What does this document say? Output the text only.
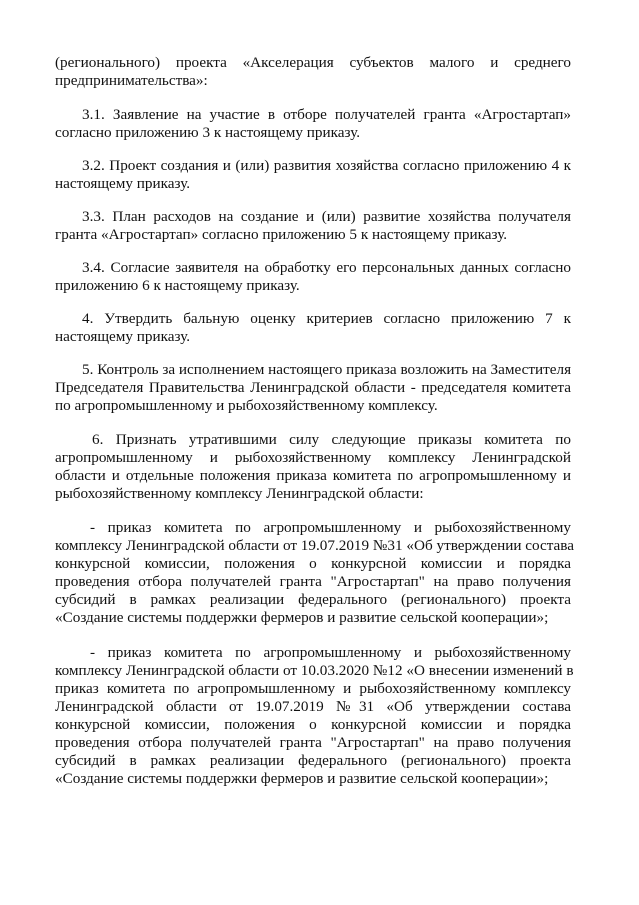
(регионального) проекта «Акселерация субъектов малого и среднего
предпринимательства»:
3.1. Заявление на участие в отборе получателей гранта «Агростартап»
согласно приложению 3 к настоящему приказу.
3.2. Проект создания и (или) развития хозяйства согласно приложению 4 к
настоящему приказу.
3.3. План расходов на создание и (или) развитие хозяйства получателя
гранта «Агростартап» согласно приложению 5 к настоящему приказу.
3.4. Согласие заявителя на обработку его персональных данных согласно
приложению 6 к настоящему приказу.
4. Утвердить бальную оценку критериев согласно приложению 7 к
настоящему приказу.
5. Контроль за исполнением настоящего приказа возложить на Заместителя
Председателя Правительства Ленинградской области - председателя комитета
по агропромышленному и рыбохозяйственному комплексу.
6. Признать утратившими силу следующие приказы комитета по
агропромышленному и рыбохозяйственному комплексу Ленинградской
области и отдельные положения приказа комитета по агропромышленному и
рыбохозяйственному комплексу Ленинградской области:
- приказ комитета по агропромышленному и рыбохозяйственному
комплексу Ленинградской области от 19.07.2019 №31 «Об утверждении состава
конкурсной комиссии, положения о конкурсной комиссии и порядка
проведения отбора получателей гранта "Агростартап" на право получения
субсидий в рамках реализации федерального (регионального) проекта
«Создание системы поддержки фермеров и развитие сельской кооперации»;
- приказ комитета по агропромышленному и рыбохозяйственному
комплексу Ленинградской области от 10.03.2020 №12 «О внесении изменений в
приказ комитета по агропромышленному и рыбохозяйственному комплексу
Ленинградской области от 19.07.2019 №31 «Об утверждении состава
конкурсной комиссии, положения о конкурсной комиссии и порядка
проведения отбора получателей гранта "Агростартап" на право получения
субсидий в рамках реализации федерального (регионального) проекта
«Создание системы поддержки фермеров и развитие сельской кооперации»;
